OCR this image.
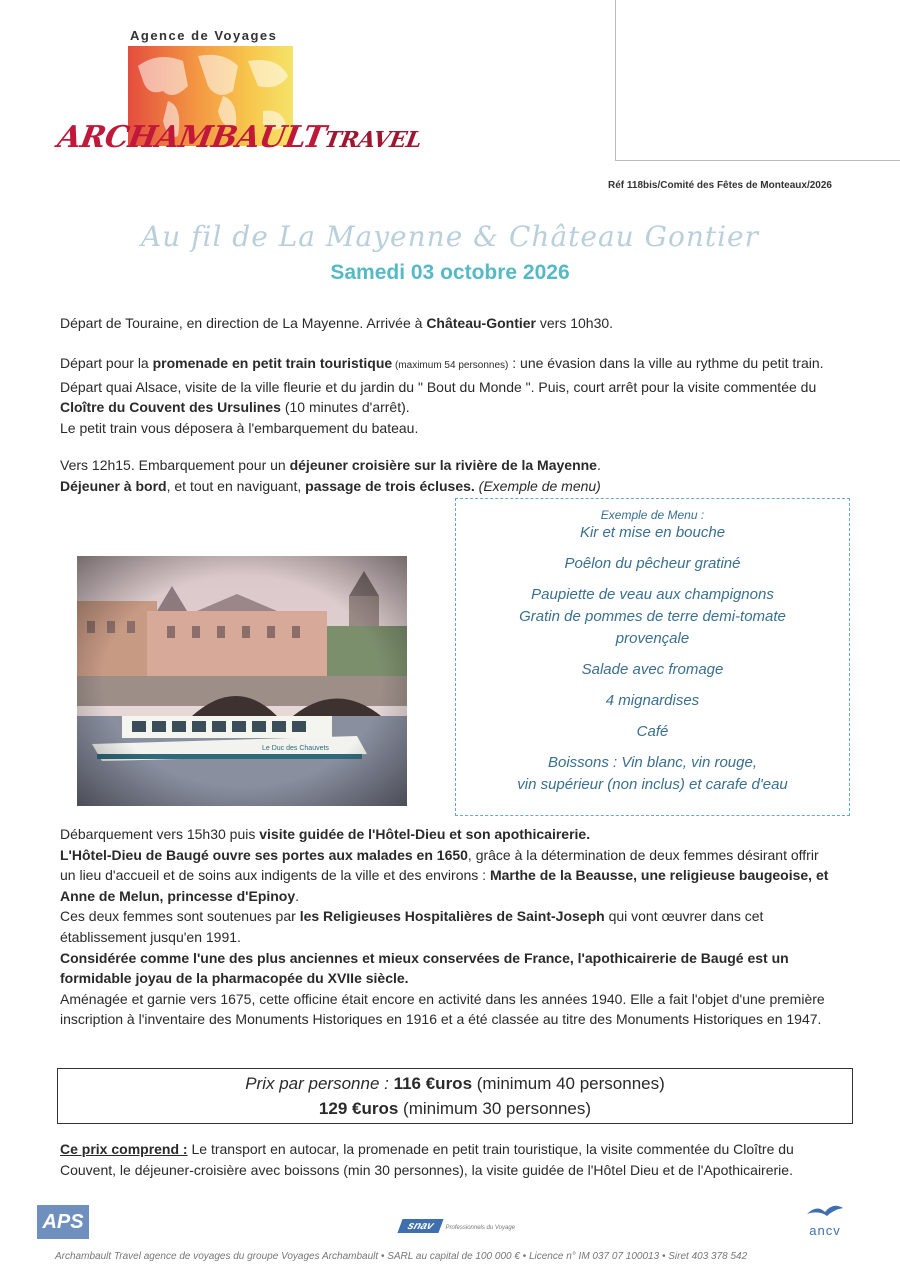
Agence de Voyages
ARCHAMBAULTTRAVEL
Réf 118bis/Comité des Fêtes de Monteaux/2026
Au fil de La Mayenne & Château Gontier
Samedi 03 octobre 2026

Départ de Touraine, en direction de La Mayenne. Arrivée à Château-Gontier vers 10h30.

Départ pour la promenade en petit train touristique (maximum 54 personnes) : une évasion dans la ville au rythme du petit train. Départ quai Alsace, visite de la ville fleurie et du jardin du " Bout du Monde ". Puis, court arrêt pour la visite commentée du Cloître du Couvent des Ursulines (10 minutes d'arrêt).
Le petit train vous déposera à l'embarquement du bateau.

Vers 12h15. Embarquement pour un déjeuner croisière sur la rivière de la Mayenne.
Déjeuner à bord, et tout en naviguant, passage de trois écluses. (Exemple de menu)

Exemple de Menu :
Kir et mise en bouche
Poêlon du pêcheur gratiné
Paupiette de veau aux champignons
Gratin de pommes de terre demi-tomate
provençale
Salade avec fromage
4 mignardises
Café
Boissons : Vin blanc, vin rouge,
vin supérieur (non inclus) et carafe d'eau

Débarquement vers 15h30 puis visite guidée de l'Hôtel-Dieu et son apothicairerie.
L'Hôtel-Dieu de Baugé ouvre ses portes aux malades en 1650, grâce à la détermination de deux femmes désirant offrir un lieu d'accueil et de soins aux indigents de la ville et des environs : Marthe de la Beausse, une religieuse baugeoise, et Anne de Melun, princesse d'Epinoy.
Ces deux femmes sont soutenues par les Religieuses Hospitalières de Saint-Joseph qui vont œuvrer dans cet établissement jusqu'en 1991.
Considérée comme l'une des plus anciennes et mieux conservées de France, l'apothicairerie de Baugé est un formidable joyau de la pharmacopée du XVIIe siècle.
Aménagée et garnie vers 1675, cette officine était encore en activité dans les années 1940. Elle a fait l'objet d'une première inscription à l'inventaire des Monuments Historiques en 1916 et a été classée au titre des Monuments Historiques en 1947.

Prix par personne : 116 €uros (minimum 40 personnes)
129 €uros (minimum 30 personnes)

Ce prix comprend : Le transport en autocar, la promenade en petit train touristique, la visite commentée du Cloître du Couvent, le déjeuner-croisière avec boissons (min 30 personnes), la visite guidée de l'Hôtel Dieu et de l'Apothicairerie.

APS	snav Professionnels du Voyage	ancv
Archambault Travel agence de voyages du groupe Voyages Archambault • SARL au capital de 100 000 € • Licence n° IM 037 07 100013 • Siret 403 378 542
